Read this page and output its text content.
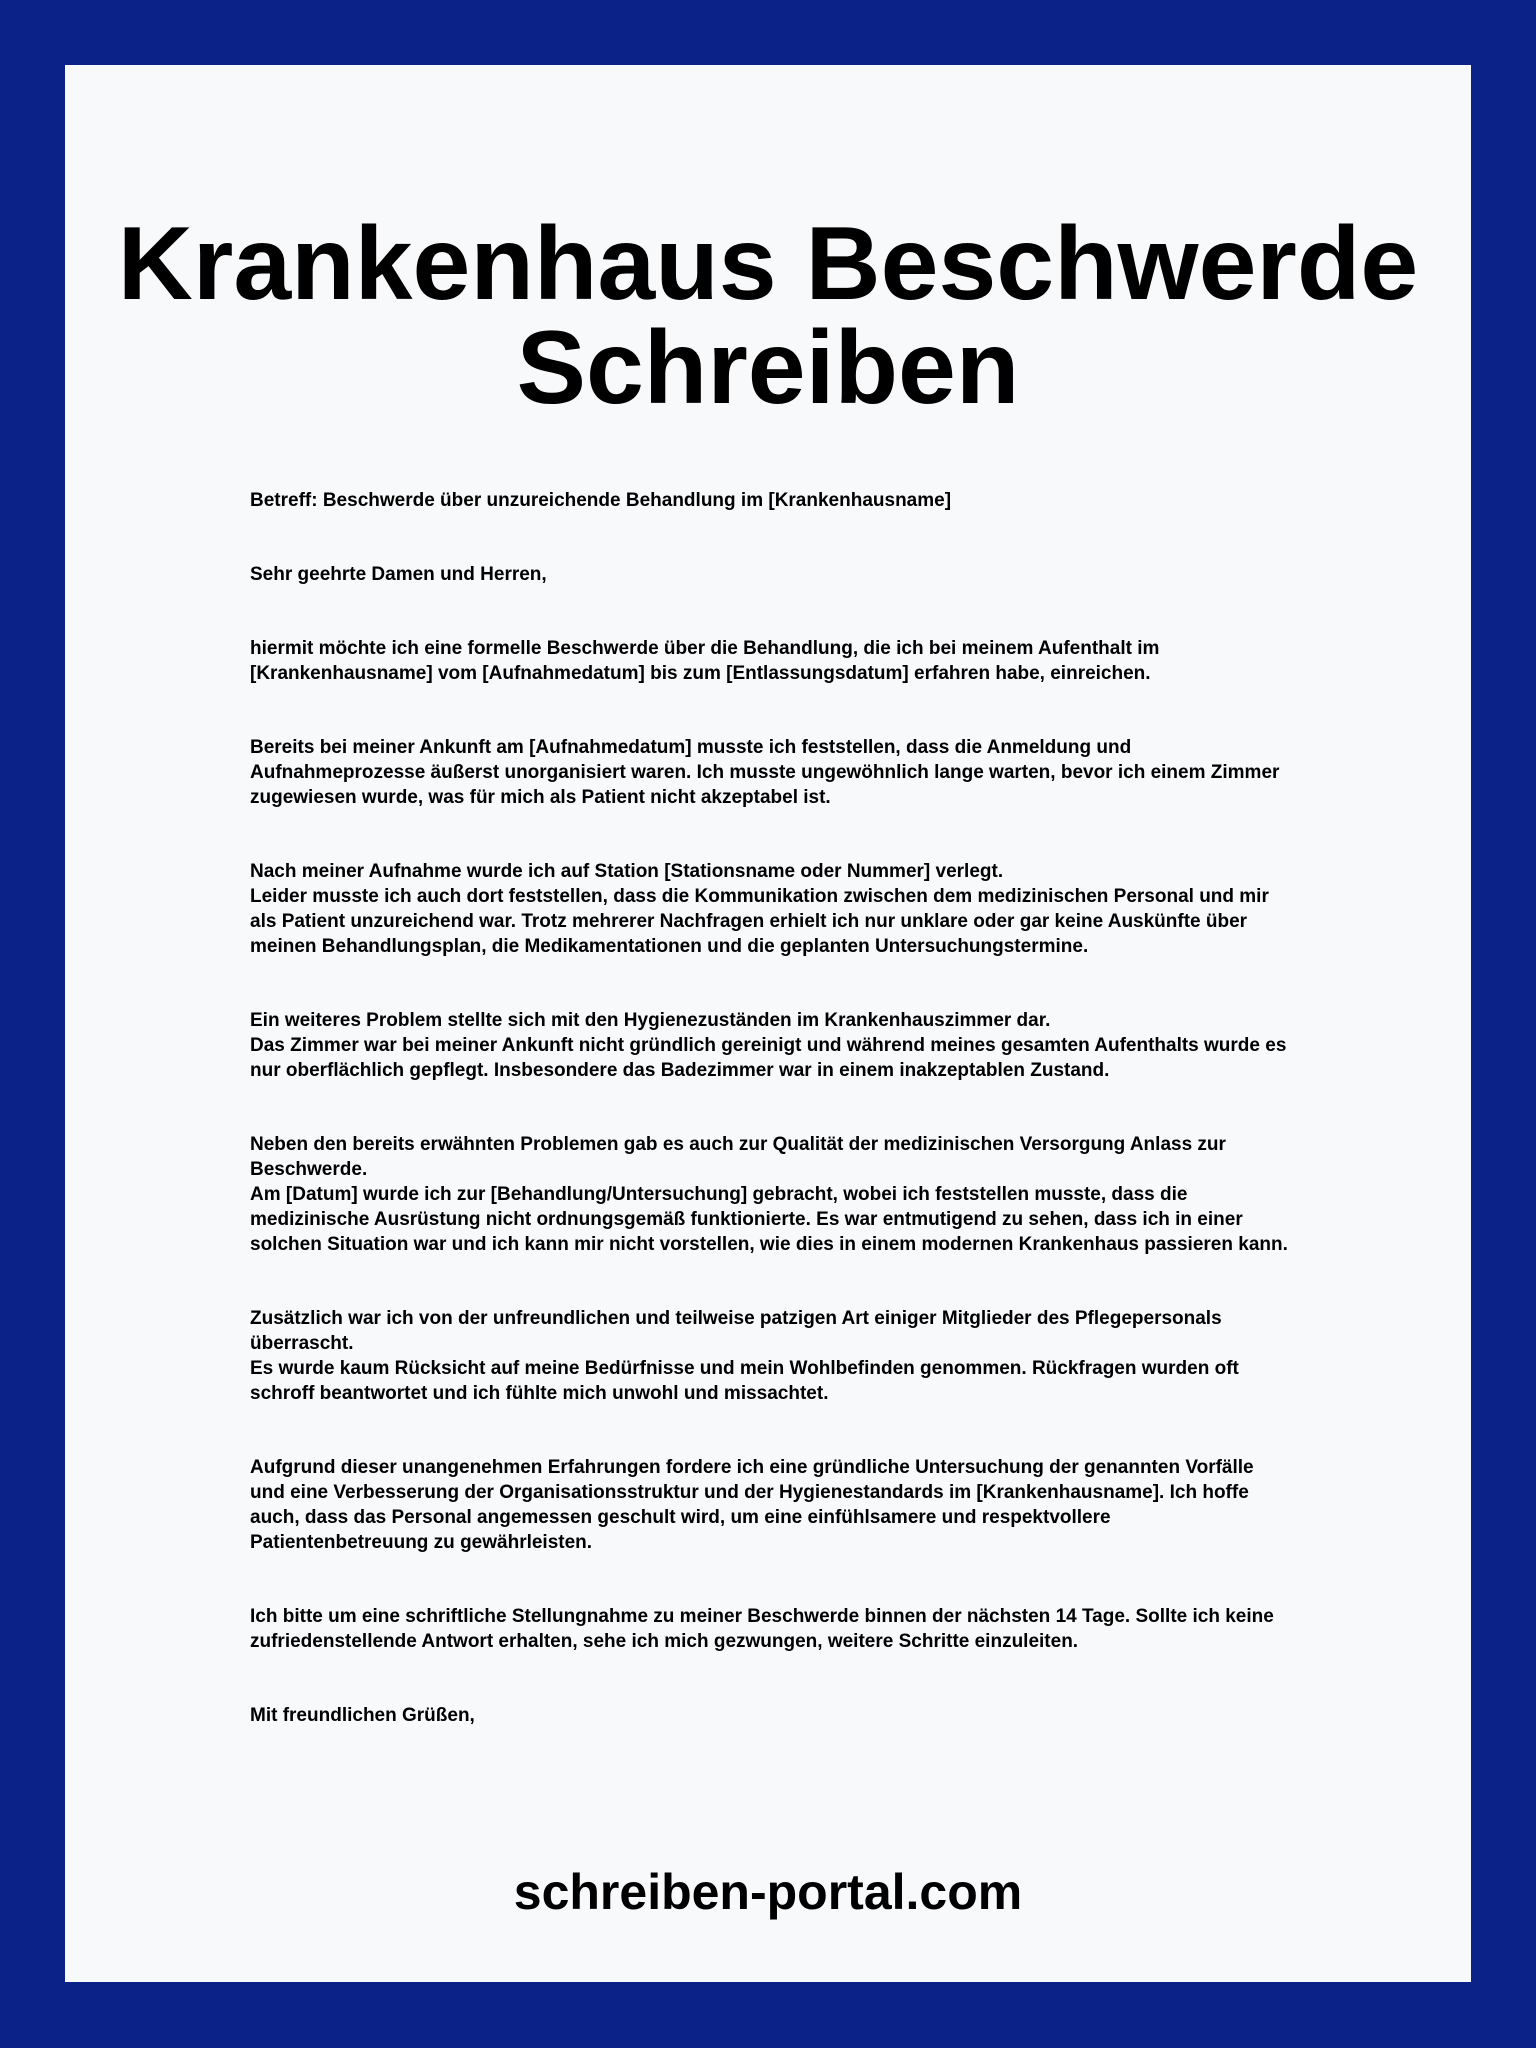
Krankenhaus Beschwerde
Schreiben

Betreff: Beschwerde über unzureichende Behandlung im [Krankenhausname]

Sehr geehrte Damen und Herren,

hiermit möchte ich eine formelle Beschwerde über die Behandlung, die ich bei meinem Aufenthalt im [Krankenhausname] vom [Aufnahmedatum] bis zum [Entlassungsdatum] erfahren habe, einreichen.

Bereits bei meiner Ankunft am [Aufnahmedatum] musste ich feststellen, dass die Anmeldung und Aufnahmeprozesse äußerst unorganisiert waren. Ich musste ungewöhnlich lange warten, bevor ich einem Zimmer zugewiesen wurde, was für mich als Patient nicht akzeptabel ist.

Nach meiner Aufnahme wurde ich auf Station [Stationsname oder Nummer] verlegt.
Leider musste ich auch dort feststellen, dass die Kommunikation zwischen dem medizinischen Personal und mir als Patient unzureichend war. Trotz mehrerer Nachfragen erhielt ich nur unklare oder gar keine Auskünfte über meinen Behandlungsplan, die Medikamentationen und die geplanten Untersuchungstermine.

Ein weiteres Problem stellte sich mit den Hygienezuständen im Krankenhauszimmer dar.
Das Zimmer war bei meiner Ankunft nicht gründlich gereinigt und während meines gesamten Aufenthalts wurde es nur oberflächlich gepflegt. Insbesondere das Badezimmer war in einem inakzeptablen Zustand.

Neben den bereits erwähnten Problemen gab es auch zur Qualität der medizinischen Versorgung Anlass zur Beschwerde.
Am [Datum] wurde ich zur [Behandlung/Untersuchung] gebracht, wobei ich feststellen musste, dass die medizinische Ausrüstung nicht ordnungsgemäß funktionierte. Es war entmutigend zu sehen, dass ich in einer solchen Situation war und ich kann mir nicht vorstellen, wie dies in einem modernen Krankenhaus passieren kann.

Zusätzlich war ich von der unfreundlichen und teilweise patzigen Art einiger Mitglieder des Pflegepersonals überrascht.
Es wurde kaum Rücksicht auf meine Bedürfnisse und mein Wohlbefinden genommen. Rückfragen wurden oft schroff beantwortet und ich fühlte mich unwohl und missachtet.

Aufgrund dieser unangenehmen Erfahrungen fordere ich eine gründliche Untersuchung der genannten Vorfälle und eine Verbesserung der Organisationsstruktur und der Hygienestandards im [Krankenhausname]. Ich hoffe auch, dass das Personal angemessen geschult wird, um eine einfühlsamere und respektvollere Patientenbetreuung zu gewährleisten.

Ich bitte um eine schriftliche Stellungnahme zu meiner Beschwerde binnen der nächsten 14 Tage. Sollte ich keine zufriedenstellende Antwort erhalten, sehe ich mich gezwungen, weitere Schritte einzuleiten.

Mit freundlichen Grüßen,

schreiben-portal.com
